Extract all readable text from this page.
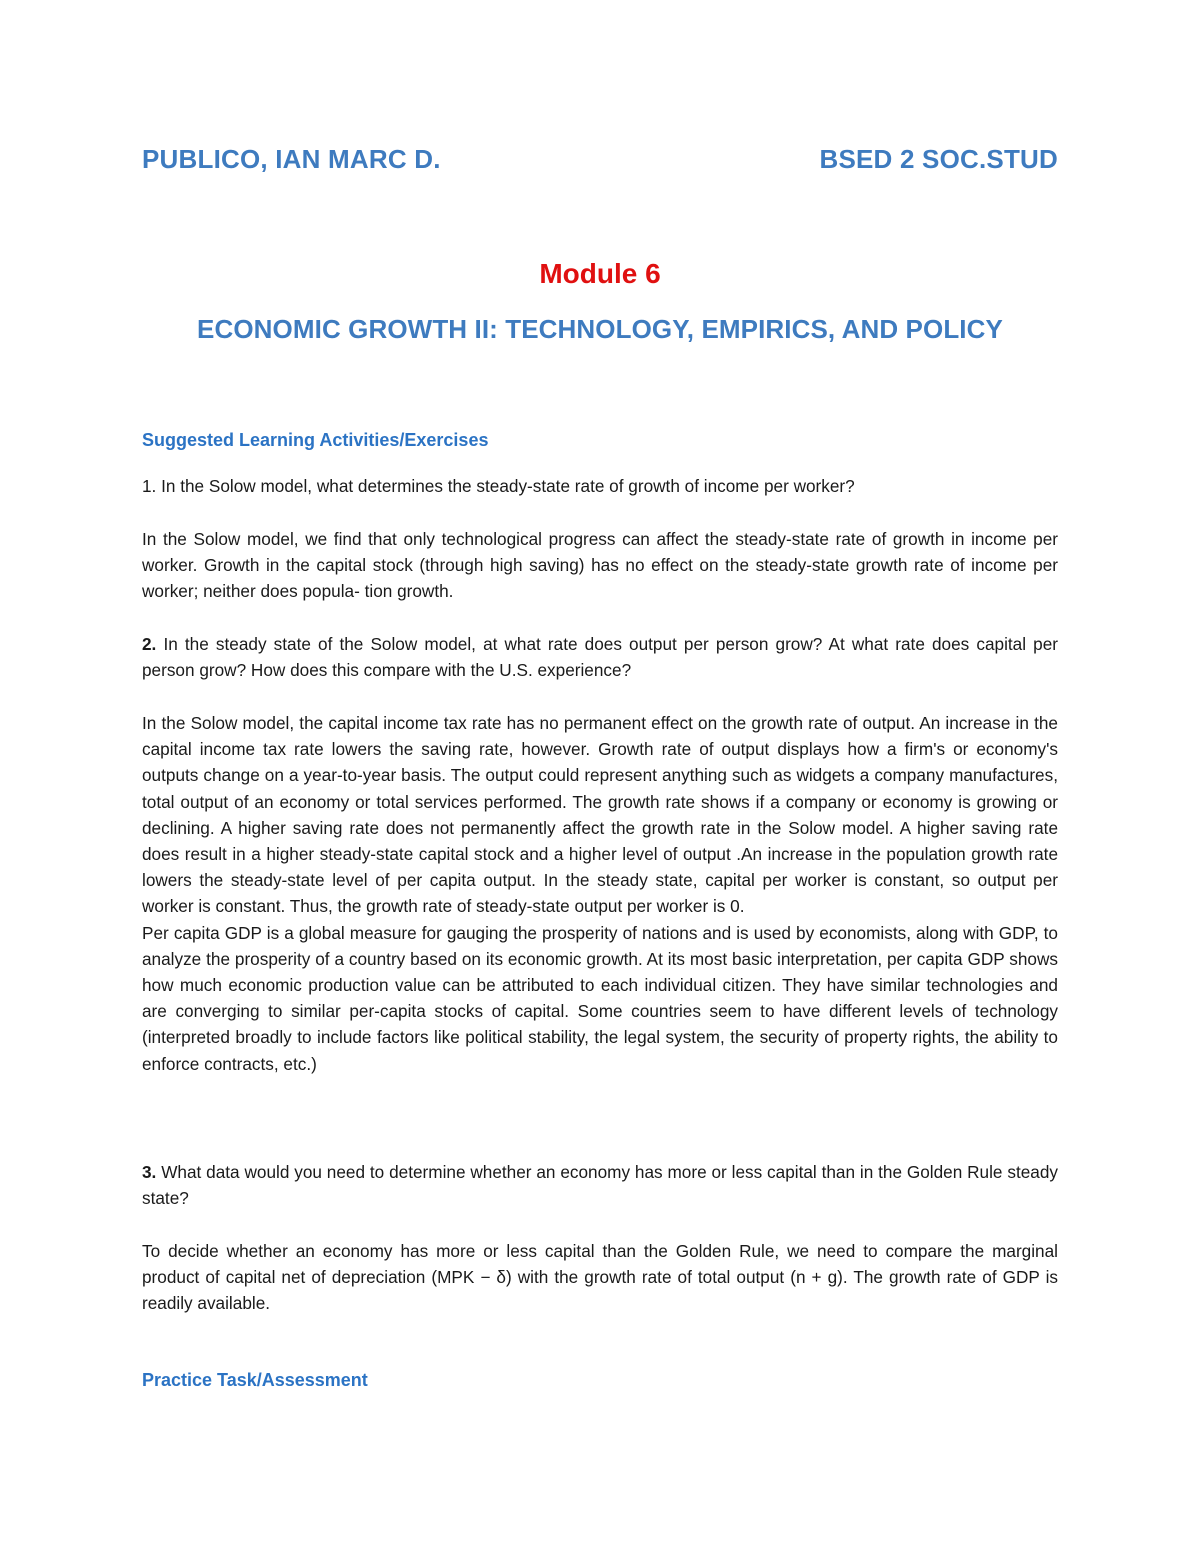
PUBLICO, IAN MARC D.	BSED 2 SOC.STUD
Module 6
ECONOMIC GROWTH II: TECHNOLOGY, EMPIRICS, AND POLICY
Suggested Learning Activities/Exercises

1. In the Solow model, what determines the steady-state rate of growth of income per worker?

In the Solow model, we find that only technological progress can affect the steady-state rate of growth in income per worker. Growth in the capital stock (through high saving) has no effect on the steady-state growth rate of income per worker; neither does popula- tion growth.

2. In the steady state of the Solow model, at what rate does output per person grow? At what rate does capital per person grow? How does this compare with the U.S. experience?

In the Solow model, the capital income tax rate has no permanent effect on the growth rate of output. An increase in the capital income tax rate lowers the saving rate, however. Growth rate of output displays how a firm's or economy's outputs change on a year-to-year basis. The output could represent anything such as widgets a company manufactures, total output of an economy or total services performed. The growth rate shows if a company or economy is growing or declining. A higher saving rate does not permanently affect the growth rate in the Solow model. A higher saving rate does result in a higher steady-state capital stock and a higher level of output .An increase in the population growth rate lowers the steady-state level of per capita output. In the steady state, capital per worker is constant, so output per worker is constant. Thus, the growth rate of steady-state output per worker is 0.

Per capita GDP is a global measure for gauging the prosperity of nations and is used by economists, along with GDP, to analyze the prosperity of a country based on its economic growth. At its most basic interpretation, per capita GDP shows how much economic production value can be attributed to each individual citizen. They have similar technologies and are converging to similar per-capita stocks of capital. Some countries seem to have different levels of technology (interpreted broadly to include factors like political stability, the legal system, the security of property rights, the ability to enforce contracts, etc.)

3. What data would you need to determine whether an economy has more or less capital than in the Golden Rule steady state?

To decide whether an economy has more or less capital than the Golden Rule, we need to compare the marginal product of capital net of depreciation (MPK − δ) with the growth rate of total output (n + g). The growth rate of GDP is readily available.

Practice Task/Assessment
